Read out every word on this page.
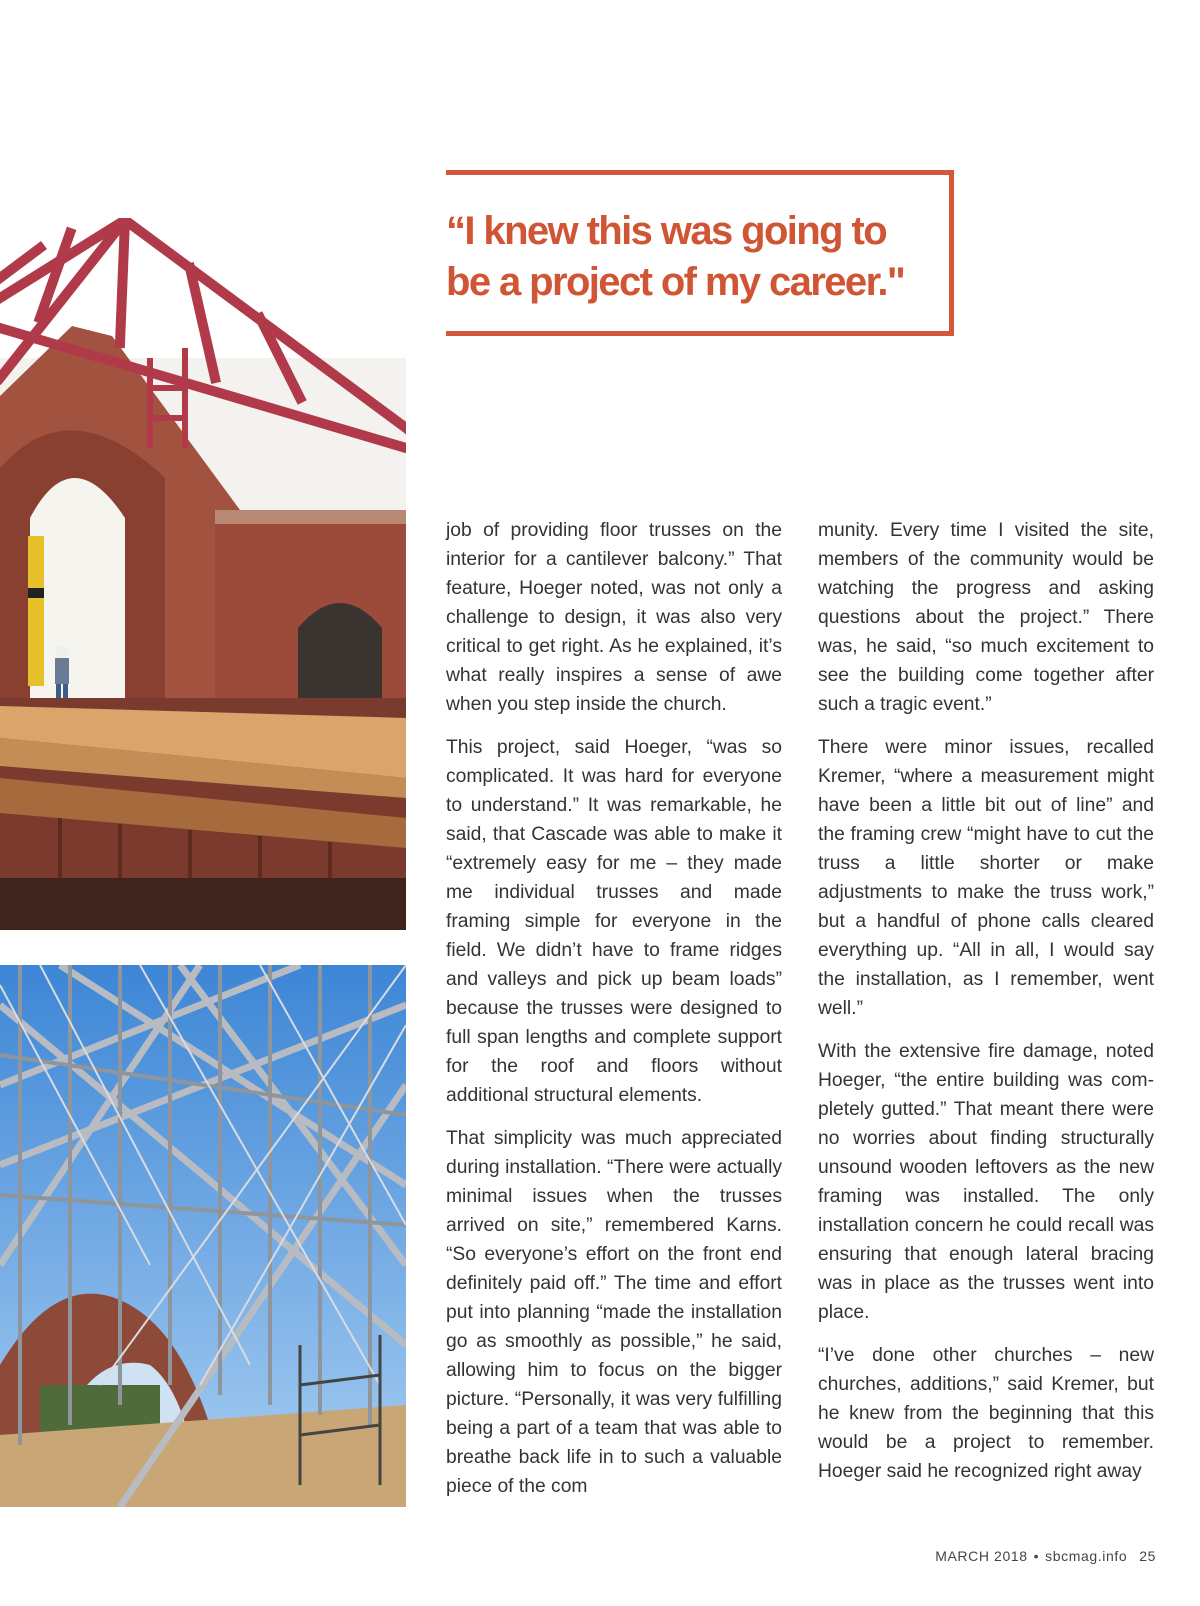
“I knew this was going to be a project of my career."

job of providing floor trusses on the interior for a cantilever balcony.” That feature, Hoeger noted, was not only a challenge to design, it was also very critical to get right. As he explained, it’s what really inspires a sense of awe when you step inside the church.

This project, said Hoeger, “was so complicated. It was hard for everyone to understand.” It was remarkable, he said, that Cascade was able to make it “extremely easy for me – they made me individual trusses and made framing simple for everyone in the field. We didn’t have to frame ridges and valleys and pick up beam loads” because the trusses were designed to full span lengths and complete support for the roof and floors without additional structural elements.

That simplicity was much appreciated during installation. “There were actually minimal issues when the trusses arrived on site,” remembered Karns. “So everyone’s effort on the front end definitely paid off.” The time and effort put into planning “made the installation go as smoothly as possible,” he said, allowing him to focus on the bigger picture. “Personally, it was very fulfilling being a part of a team that was able to breathe back life in to such a valuable piece of the com

munity. Every time I visited the site, members of the community would be watching the progress and asking questions about the project.” There was, he said, “so much excitement to see the building come together after such a tragic event.”

There were minor issues, recalled Kremer, “where a measurement might have been a little bit out of line” and the framing crew “might have to cut the truss a little shorter or make adjustments to make the truss work,” but a handful of phone calls cleared everything up. “All in all, I would say the installation, as I remember, went well.”

With the extensive fire damage, noted Hoeger, “the entire building was completely gutted.” That meant there were no worries about finding structurally unsound wooden leftovers as the new framing was installed. The only installation concern he could recall was ensuring that enough lateral bracing was in place as the trusses went into place.

“I’ve done other churches – new churches, additions,” said Kremer, but he knew from the beginning that this would be a project to remember. Hoeger said he recognized right away

MARCH 2018 • sbcmag.info 25
